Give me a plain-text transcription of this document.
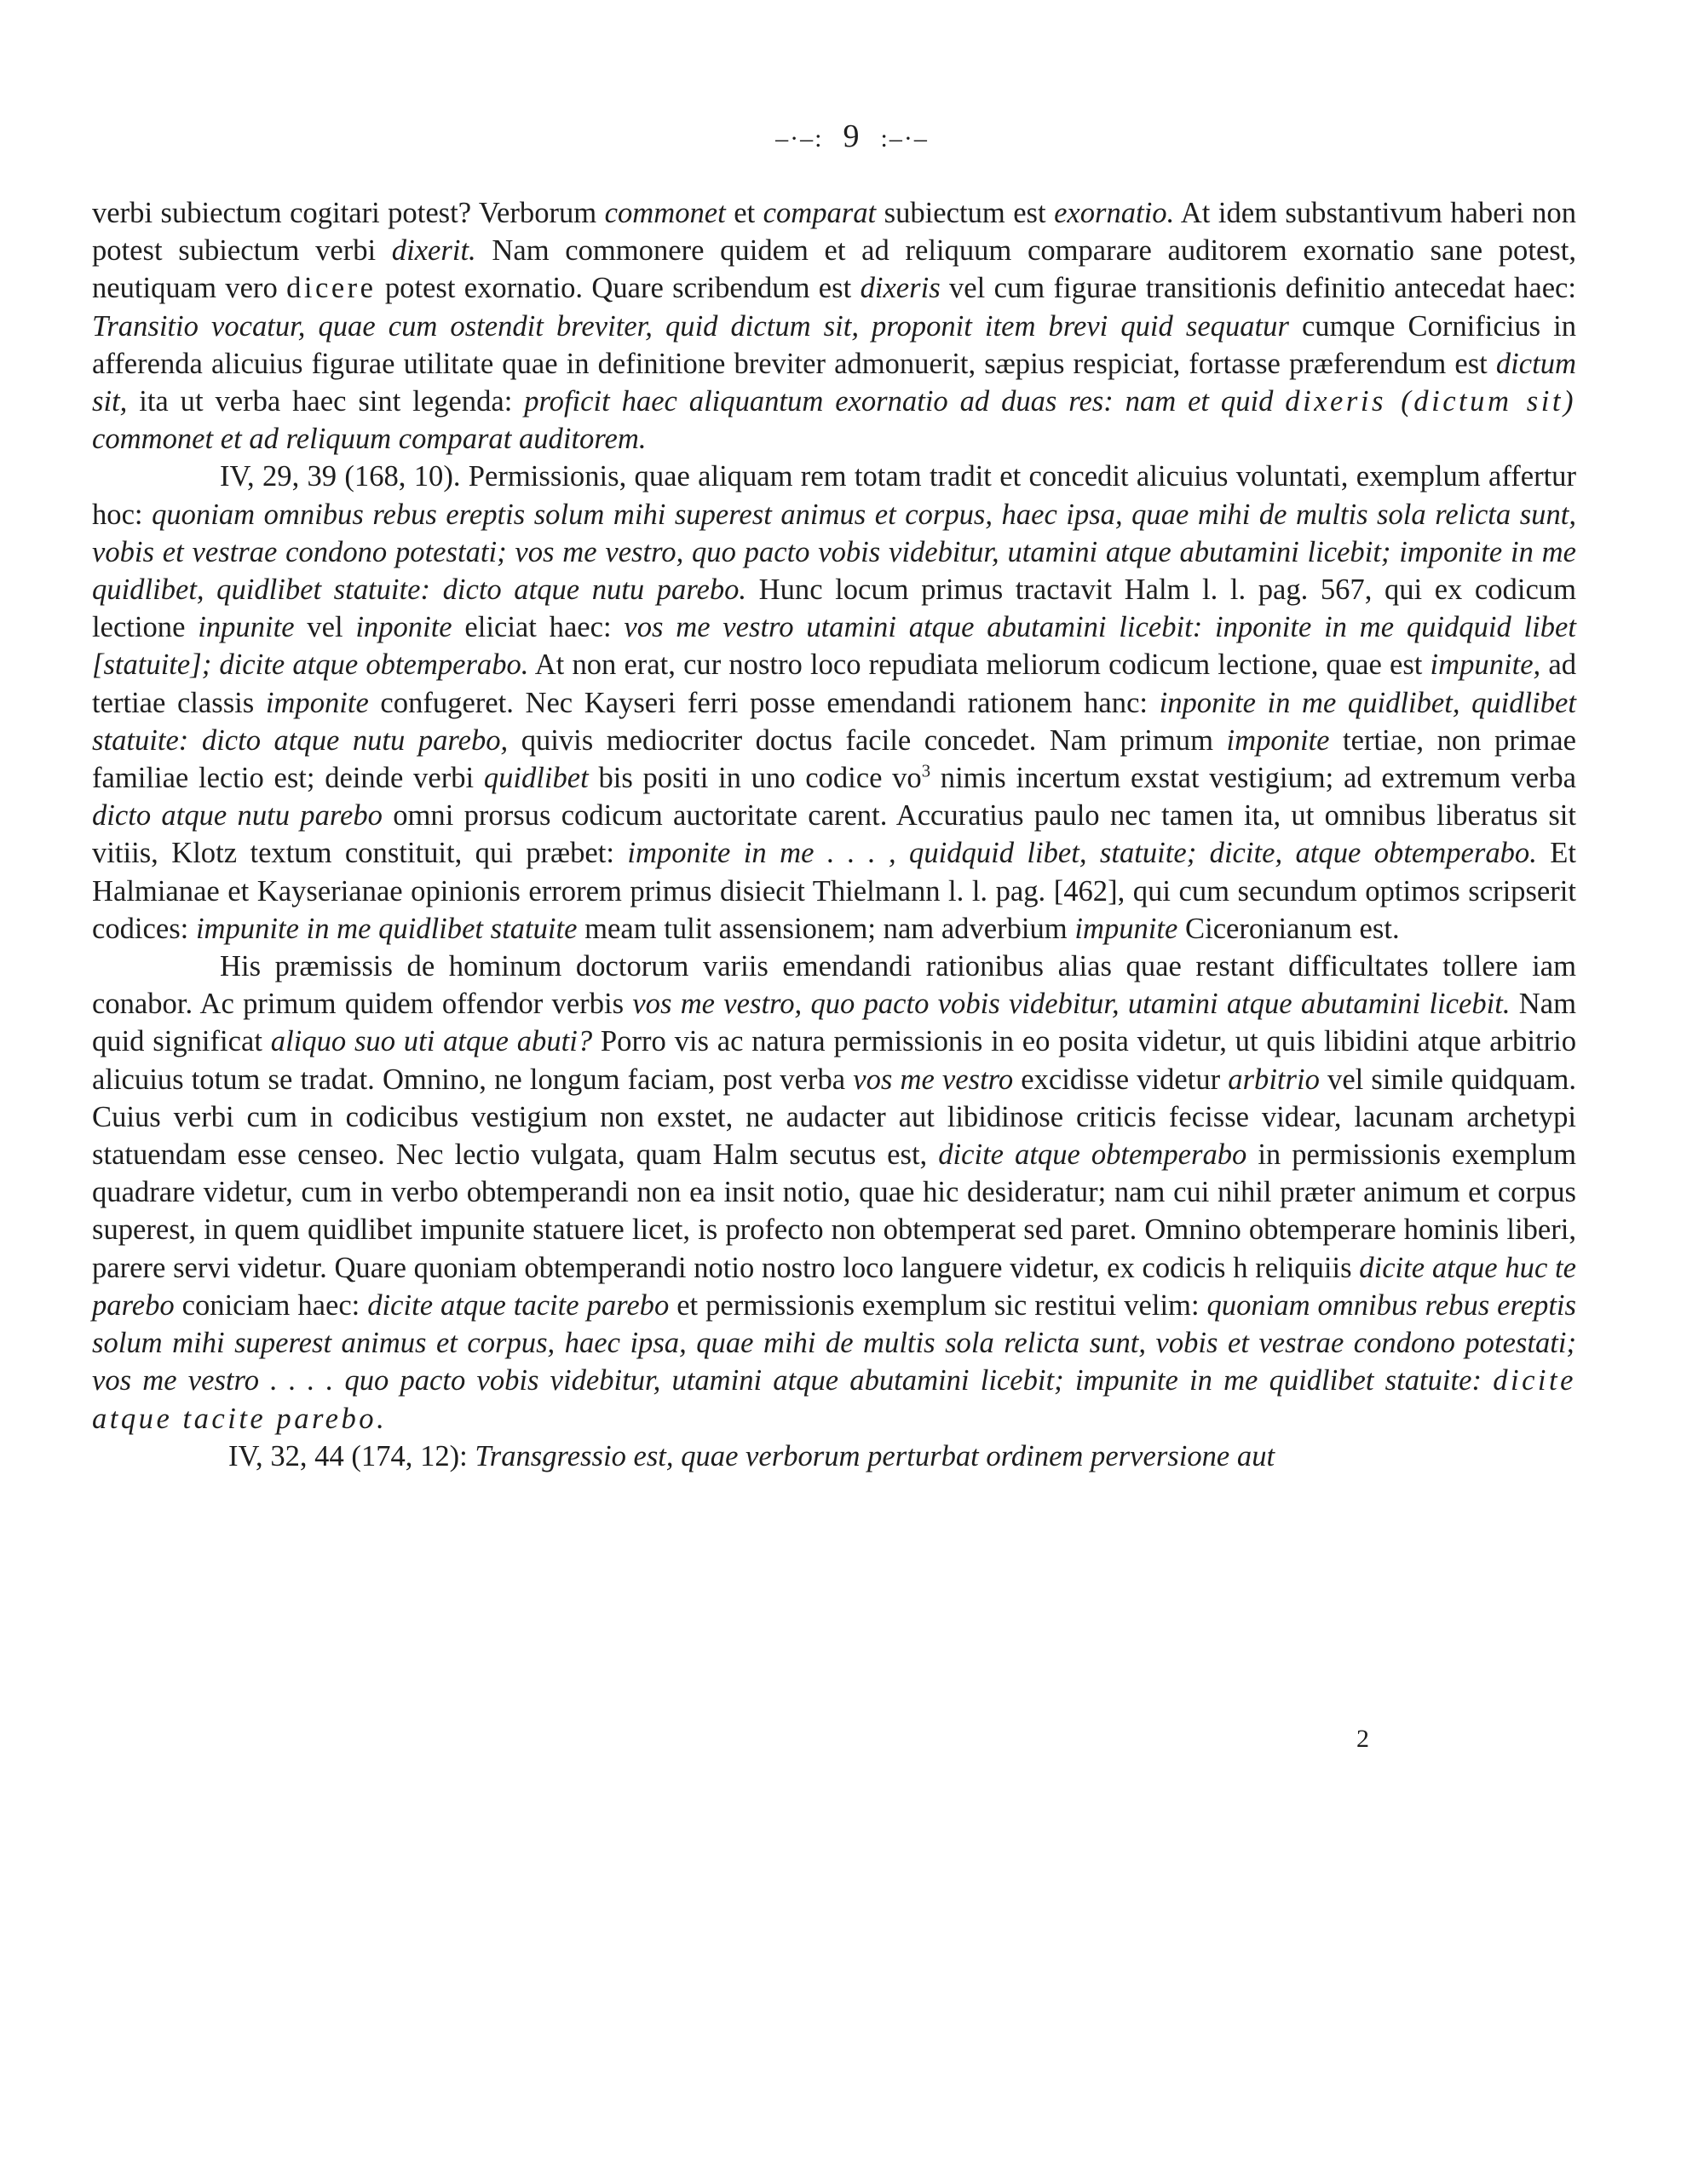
–·–: 9 :–·–

verbi subiectum cogitari potest? Verborum commonet et comparat subiectum est exornatio. At idem substantivum haberi non potest subiectum verbi dixerit. Nam commonere quidem et ad reliquum comparare auditorem exornatio sane potest, neutiquam vero dicere potest exornatio. Quare scribendum est dixeris vel cum figurae transitionis definitio antecedat haec: Transitio vocatur, quae cum ostendit breviter, quid dictum sit, proponit item brevi quid sequatur cumque Cornificius in afferenda alicuius figurae utilitate quae in definitione breviter admonuerit, sæpius respiciat, fortasse præferendum est dictum sit, ita ut verba haec sint legenda: proficit haec aliquantum exornatio ad duas res: nam et quid dixeris (dictum sit) commonet et ad reliquum comparat auditorem.

IV, 29, 39 (168, 10). Permissionis, quae aliquam rem totam tradit et concedit alicuius voluntati, exemplum affertur hoc: quoniam omnibus rebus ereptis solum mihi superest animus et corpus, haec ipsa, quae mihi de multis sola relicta sunt, vobis et vestrae condono potestati; vos me vestro, quo pacto vobis videbitur, utamini atque abutamini licebit; imponite in me quidlibet, quidlibet statuite: dicto atque nutu parebo. Hunc locum primus tractavit Halm l. l. pag. 567, qui ex codicum lectione inpunite vel inponite eliciat haec: vos me vestro utamini atque abutamini licebit: inponite in me quidquid libet [statuite]; dicite atque obtemperabo. At non erat, cur nostro loco repudiata meliorum codicum lectione, quae est impunite, ad tertiae classis imponite confugeret. Nec Kayseri ferri posse emendandi rationem hanc: inponite in me quidlibet, quidlibet statuite: dicto atque nutu parebo, quivis mediocriter doctus facile concedet. Nam primum imponite tertiae, non primae familiae lectio est; deinde verbi quidlibet bis positi in uno codice $vo^3$ nimis incertum exstat vestigium; ad extremum verba dicto atque nutu parebo omni prorsus codicum auctoritate carent. Accuratius paulo nec tamen ita, ut omnibus liberatus sit vitiis, Klotz textum constituit, qui præbet: imponite in me . . . , quidquid libet, statuite; dicite, atque obtemperabo. Et Halmianae et Kayserianae opinionis errorem primus disiecit Thielmann l. l. pag. [462], qui cum secundum optimos scripserit codices: impunite in me quidlibet statuite meam tulit assensionem; nam adverbium impunite Ciceronianum est.

His præmissis de hominum doctorum variis emendandi rationibus alias quae restant difficultates tollere iam conabor. Ac primum quidem offendor verbis vos me vestro, quo pacto vobis videbitur, utamini atque abutamini licebit. Nam quid significat aliquo suo uti atque abuti? Porro vis ac natura permissionis in eo posita videtur, ut quis libidini atque arbitrio alicuius totum se tradat. Omnino, ne longum faciam, post verba vos me vestro excidisse videtur arbitrio vel simile quidquam. Cuius verbi cum in codicibus vestigium non exstet, ne audacter aut libidinose criticis fecisse videar, lacunam archetypi statuendam esse censeo. Nec lectio vulgata, quam Halm secutus est, dicite atque obtemperabo in permissionis exemplum quadrare videtur, cum in verbo obtemperandi non ea insit notio, quae hic desideratur; nam cui nihil præter animum et corpus superest, in quem quidlibet impunite statuere licet, is profecto non obtemperat sed paret. Omnino obtemperare hominis liberi, parere servi videtur. Quare quoniam obtemperandi notio nostro loco languere videtur, ex codicis h reliquiis dicite atque huc te parebo coniciam haec: dicite atque tacite parebo et permissionis exemplum sic restitui velim: quoniam omnibus rebus ereptis solum mihi superest animus et corpus, haec ipsa, quae mihi de multis sola relicta sunt, vobis et vestrae condono potestati; vos me vestro . . . . quo pacto vobis videbitur, utamini atque abutamini licebit; impunite in me quidlibet statuite: dicite atque tacite parebo.

IV, 32, 44 (174, 12): Transgressio est, quae verborum perturbat ordinem perversione aut

2
